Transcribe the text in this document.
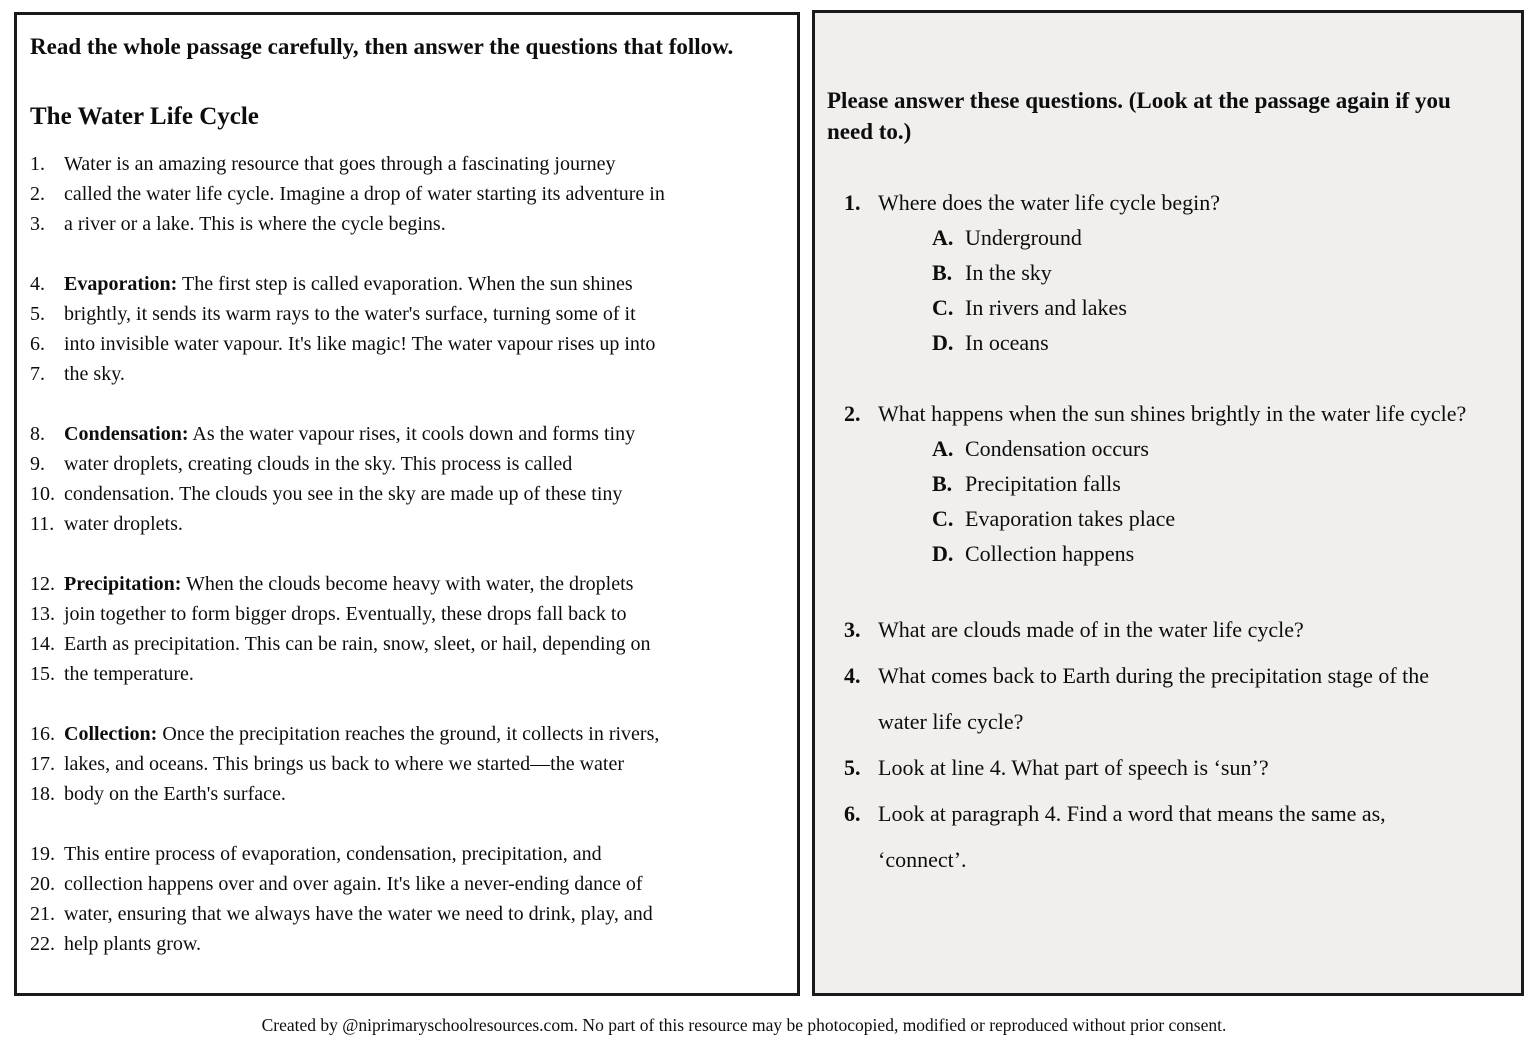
Read the whole passage carefully, then answer the questions that follow.
The Water Life Cycle
1. Water is an amazing resource that goes through a fascinating journey
2. called the water life cycle. Imagine a drop of water starting its adventure in
3. a river or a lake. This is where the cycle begins.
4. Evaporation: The first step is called evaporation. When the sun shines
5. brightly, it sends its warm rays to the water's surface, turning some of it
6. into invisible water vapour. It's like magic! The water vapour rises up into
7. the sky.
8. Condensation: As the water vapour rises, it cools down and forms tiny
9. water droplets, creating clouds in the sky. This process is called
10. condensation. The clouds you see in the sky are made up of these tiny
11. water droplets.
12. Precipitation: When the clouds become heavy with water, the droplets
13. join together to form bigger drops. Eventually, these drops fall back to
14. Earth as precipitation. This can be rain, snow, sleet, or hail, depending on
15. the temperature.
16. Collection: Once the precipitation reaches the ground, it collects in rivers,
17. lakes, and oceans. This brings us back to where we started—the water
18. body on the Earth's surface.
19. This entire process of evaporation, condensation, precipitation, and
20. collection happens over and over again. It's like a never-ending dance of
21. water, ensuring that we always have the water we need to drink, play, and
22. help plants grow.
Please answer these questions. (Look at the passage again if you need to.)
1. Where does the water life cycle begin?
A. Underground
B. In the sky
C. In rivers and lakes
D. In oceans
2. What happens when the sun shines brightly in the water life cycle?
A. Condensation occurs
B. Precipitation falls
C. Evaporation takes place
D. Collection happens
3. What are clouds made of in the water life cycle?
4. What comes back to Earth during the precipitation stage of the water life cycle?
5. Look at line 4. What part of speech is ‘sun’?
6. Look at paragraph 4. Find a word that means the same as, ‘connect’.
Created by @niprimaryschoolresources.com. No part of this resource may be photocopied, modified or reproduced without prior consent.
